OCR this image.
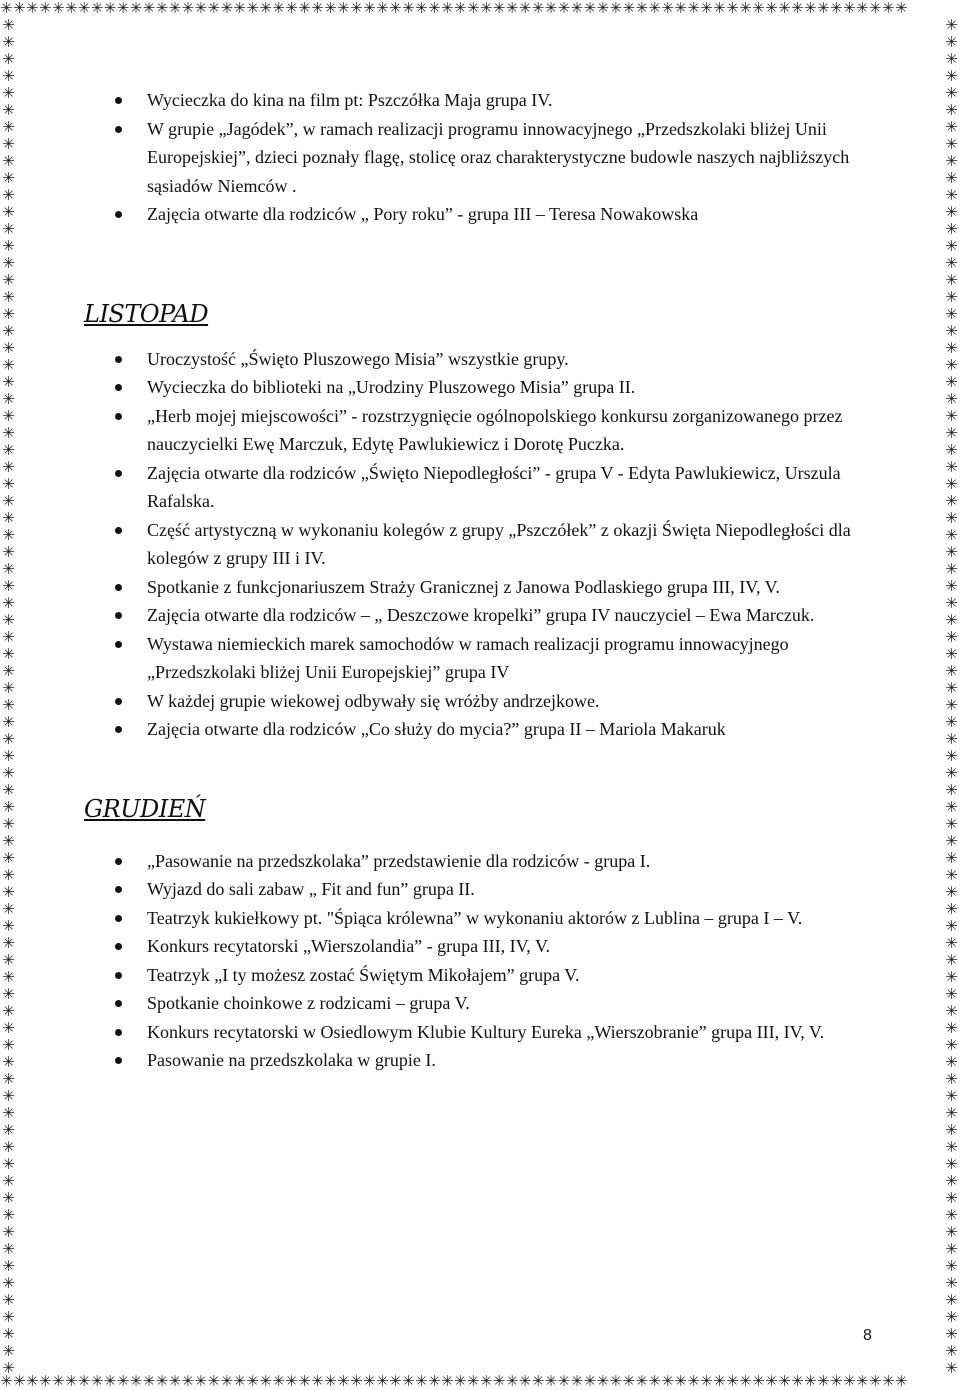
✳✳✳✳✳✳✳✳✳✳✳✳✳✳✳✳✳✳✳✳✳✳✳✳✳✳✳✳✳✳✳✳✳✳✳✳✳✳✳✳✳✳✳✳✳✳✳✳✳✳✳✳✳✳✳✳✳✳✳✳✳✳✳✳✳✳✳✳✳✳
✳✳✳✳✳✳✳✳✳✳✳✳✳✳✳✳✳✳✳✳✳✳✳✳✳✳✳✳✳✳✳✳✳✳✳✳✳✳✳✳✳✳✳✳✳✳✳✳✳✳✳✳✳✳✳✳✳✳✳✳✳✳✳✳✳✳✳✳✳✳✳✳✳✳✳✳✳✳✳✳
✳✳✳✳✳✳✳✳✳✳✳✳✳✳✳✳✳✳✳✳✳✳✳✳✳✳✳✳✳✳✳✳✳✳✳✳✳✳✳✳✳✳✳✳✳✳✳✳✳✳✳✳✳✳✳✳✳✳✳✳✳✳✳✳✳✳✳✳✳✳✳✳✳✳✳✳✳✳✳✳
✳✳✳✳✳✳✳✳✳✳✳✳✳✳✳✳✳✳✳✳✳✳✳✳✳✳✳✳✳✳✳✳✳✳✳✳✳✳✳✳✳✳✳✳✳✳✳✳✳✳✳✳✳✳✳✳✳✳✳✳✳✳✳✳✳✳✳✳✳✳
Wycieczka do kina na film pt: Pszczółka Maja grupa IV.
W grupie „Jagódek”, w ramach realizacji programu innowacyjnego „Przedszkolaki bliżej Unii Europejskiej”, dzieci poznały flagę, stolicę oraz charakterystyczne budowle naszych najbliższych sąsiadów Niemców .
Zajęcia otwarte dla rodziców „ Pory roku” - grupa III – Teresa Nowakowska
LISTOPAD
Uroczystość „Święto Pluszowego Misia” wszystkie grupy.
Wycieczka do biblioteki na „Urodziny Pluszowego Misia” grupa II.
„Herb mojej miejscowości” - rozstrzygnięcie ogólnopolskiego konkursu zorganizowanego przez nauczycielki Ewę Marczuk, Edytę Pawlukiewicz i Dorotę Puczka.
Zajęcia otwarte dla rodziców „Święto Niepodległości” - grupa V - Edyta Pawlukiewicz, Urszula Rafalska.
Część artystyczną w wykonaniu kolegów z grupy „Pszczółek” z okazji Święta Niepodległości dla kolegów z grupy III i IV.
Spotkanie z funkcjonariuszem Straży Granicznej z Janowa Podlaskiego grupa III, IV, V.
Zajęcia otwarte dla rodziców – „ Deszczowe kropelki” grupa IV nauczyciel – Ewa Marczuk.
Wystawa niemieckich marek samochodów w ramach realizacji programu innowacyjnego „Przedszkolaki bliżej Unii Europejskiej” grupa IV
W każdej grupie wiekowej odbywały się wróżby andrzejkowe.
Zajęcia otwarte dla rodziców „Co służy do mycia?” grupa II – Mariola Makaruk
GRUDIEŃ
„Pasowanie na przedszkolaka” przedstawienie dla rodziców - grupa I.
Wyjazd do sali zabaw „ Fit and fun” grupa II.
Teatrzyk kukiełkowy pt. "Śpiąca królewna” w wykonaniu aktorów z Lublina – grupa I – V.
Konkurs recytatorski „Wierszolandia” - grupa III, IV, V.
Teatrzyk „I ty możesz zostać Świętym Mikołajem” grupa V.
Spotkanie choinkowe z rodzicami – grupa V.
Konkurs recytatorski w Osiedlowym Klubie Kultury Eureka „Wierszobranie” grupa III, IV, V.
Pasowanie na przedszkolaka w grupie I.
8
